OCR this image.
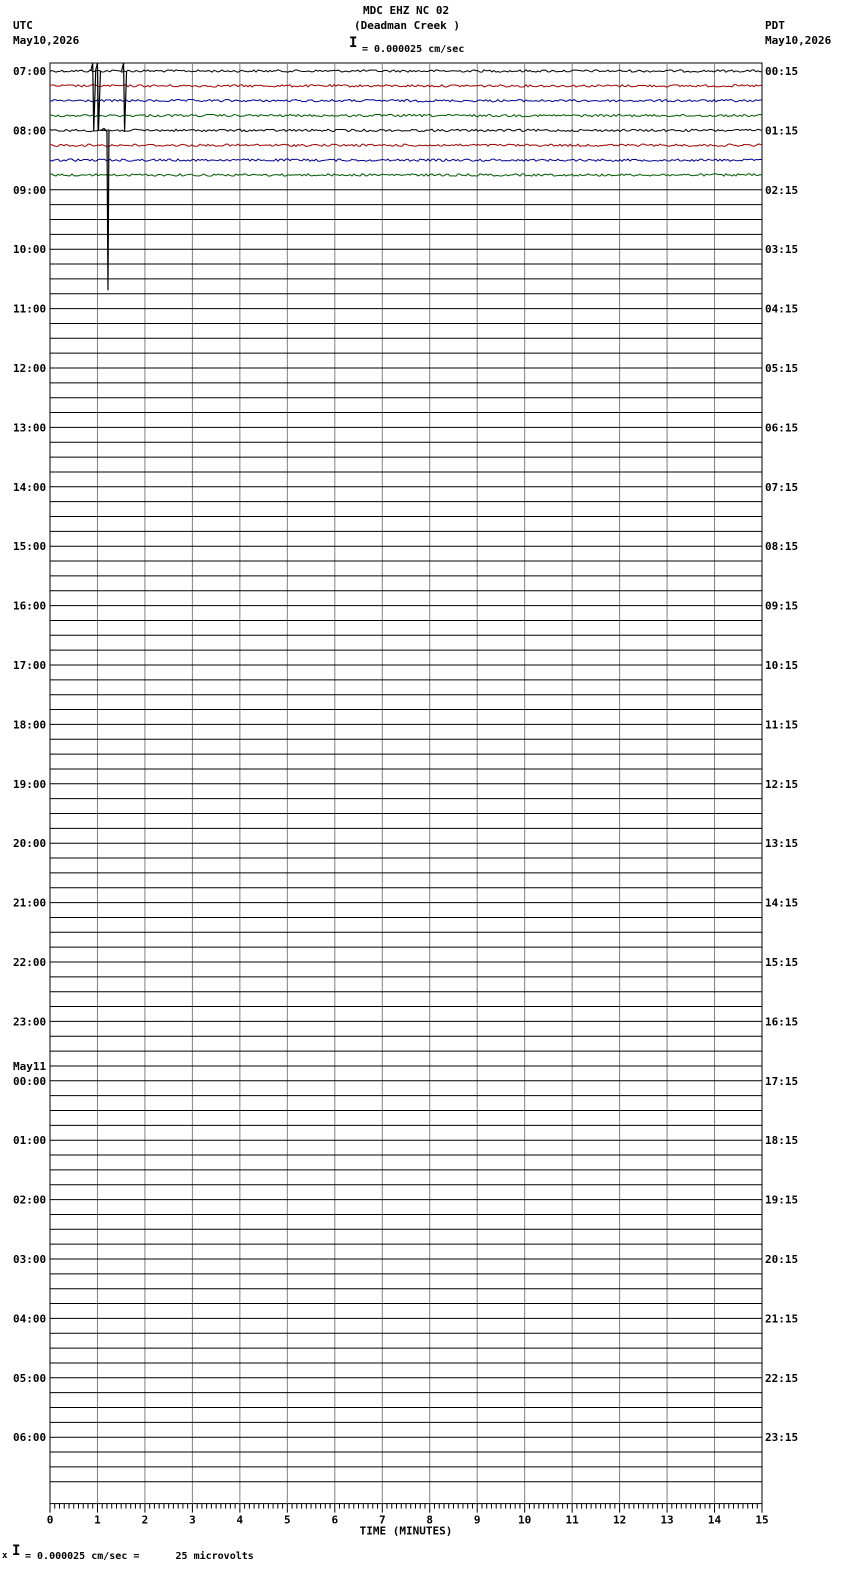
07:00	00:15
08:00	01:15
09:00	02:15
10:00	03:15
11:00	04:15
12:00	05:15
13:00	06:15
14:00	07:15
15:00	08:15
16:00	09:15
17:00	10:15
18:00	11:15
19:00	12:15
20:00	13:15
21:00	14:15
22:00	15:15
23:00	16:15
00:00	17:15
01:00	18:15
02:00	19:15
03:00	20:15
04:00	21:15
05:00	22:15
06:00	23:15
May11
0	1	2	3	4	5	6	7	8	9	10	11	12	13	14	15
TIME (MINUTES)
MDC EHZ NC 02
(Deadman Creek )
I = 0.000025 cm/sec
UTC
May10,2026
PDT
May10,2026
x I = 0.000025 cm/sec =      25 microvolts
